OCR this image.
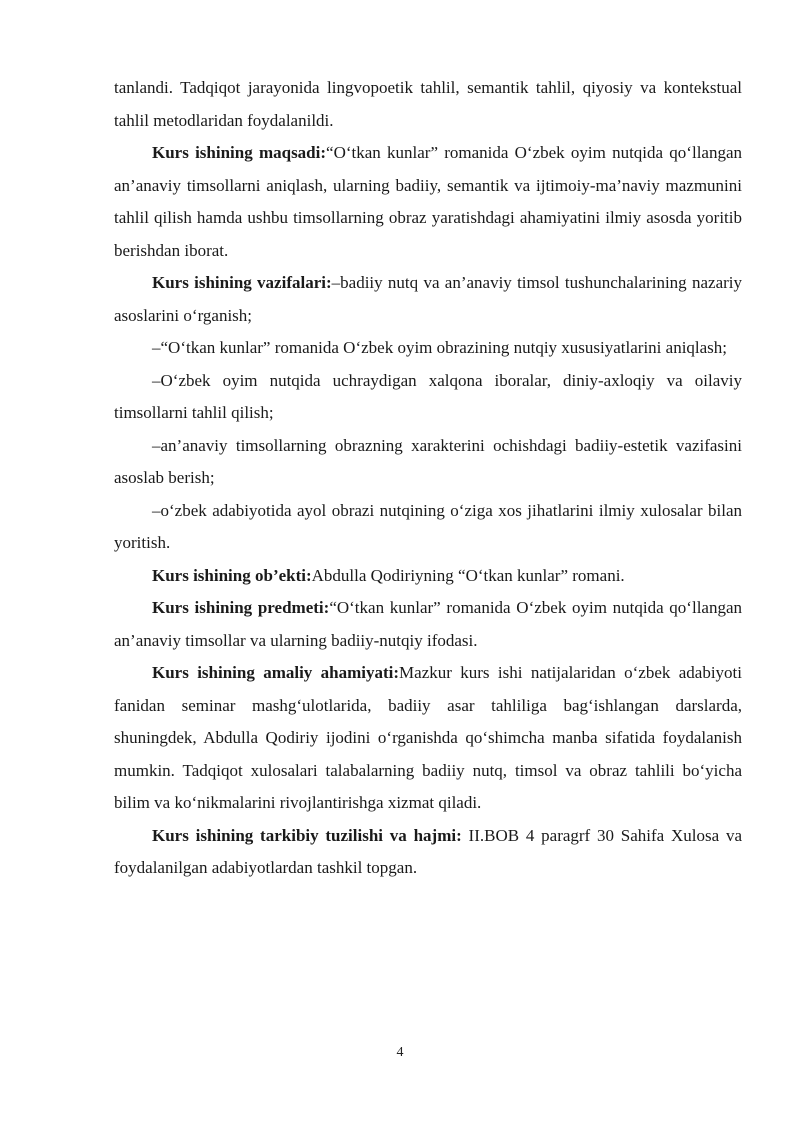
tanlandi. Tadqiqot jarayonida lingvopoetik tahlil, semantik tahlil, qiyosiy va kontekstual tahlil metodlaridan foydalanildi.

Kurs ishining maqsadi:“O‘tkan kunlar” romanida O‘zbek oyim nutqida qo‘llangan an’anaviy timsollarni aniqlash, ularning badiiy, semantik va ijtimoiy-ma’naviy mazmunini tahlil qilish hamda ushbu timsollarning obraz yaratishdagi ahamiyatini ilmiy asosda yoritib berishdan iborat.

Kurs ishining vazifalari:–badiiy nutq va an’anaviy timsol tushunchalarining nazariy asoslarini o‘rganish;

–“O‘tkan kunlar” romanida O‘zbek oyim obrazining nutqiy xususiyatlarini aniqlash;

–O‘zbek oyim nutqida uchraydigan xalqona iboralar, diniy-axloqiy va oilaviy timsollarni tahlil qilish;

–an’anaviy timsollarning obrazning xarakterini ochishdagi badiiy-estetik vazifasini asoslab berish;

–o‘zbek adabiyotida ayol obrazi nutqining o‘ziga xos jihatlarini ilmiy xulosalar bilan yoritish.

Kurs ishining ob’ekti:Abdulla Qodiriyning “O‘tkan kunlar” romani.

Kurs ishining predmeti:“O‘tkan kunlar” romanida O‘zbek oyim nutqida qo‘llangan an’anaviy timsollar va ularning badiiy-nutqiy ifodasi.

Kurs ishining amaliy ahamiyati:Mazkur kurs ishi natijalaridan o‘zbek adabiyoti fanidan seminar mashg‘ulotlarida, badiiy asar tahliliga bag‘ishlangan darslarda, shuningdek, Abdulla Qodiriy ijodini o‘rganishda qo‘shimcha manba sifatida foydalanish mumkin. Tadqiqot xulosalari talabalarning badiiy nutq, timsol va obraz tahlili bo‘yicha bilim va ko‘nikmalarini rivojlantirishga xizmat qiladi.

Kurs ishining tarkibiy tuzilishi va hajmi: II.BOB 4 paragrf 30 Sahifa Xulosa va foydalanilgan adabiyotlardan tashkil topgan.

4
